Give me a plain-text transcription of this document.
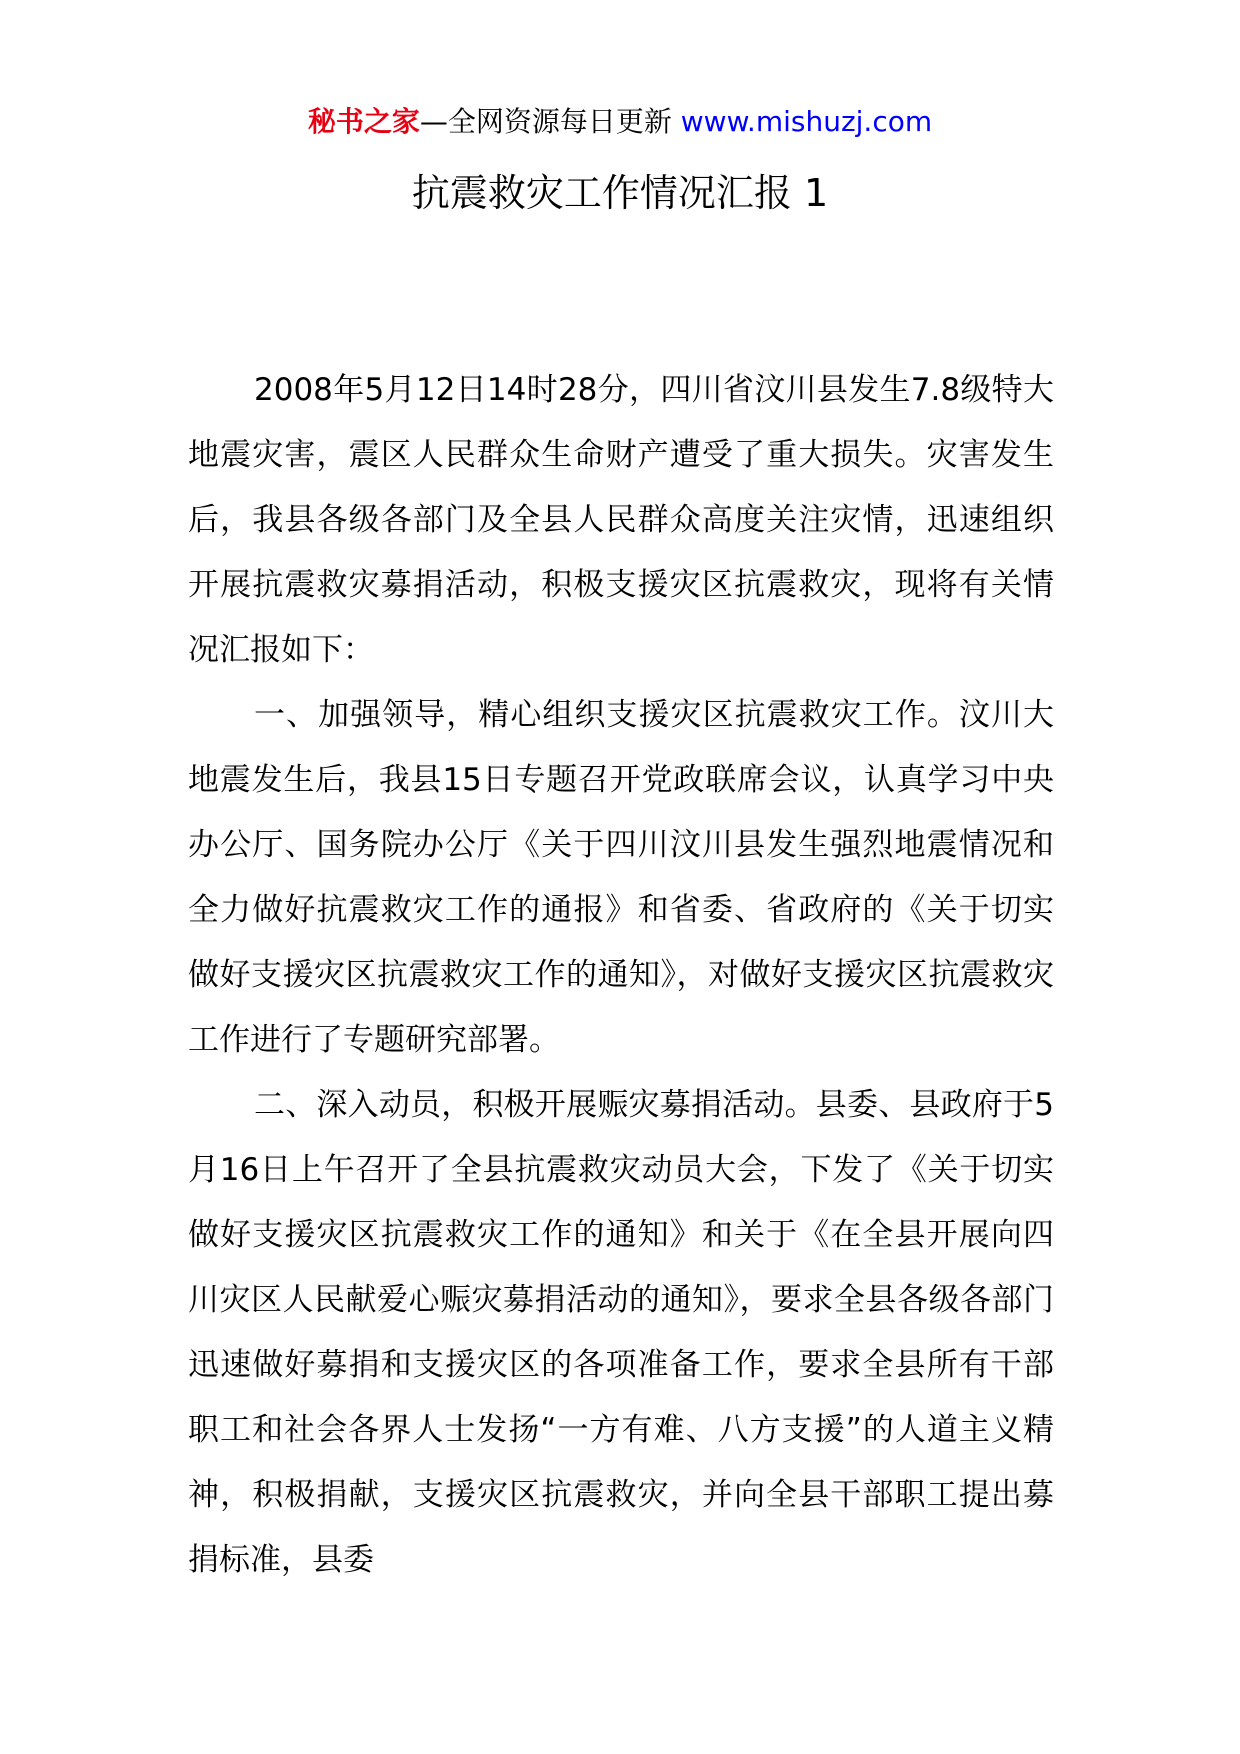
秘书之家—全网资源每日更新 www.mishuzj.com
抗震救灾工作情况汇报 1

2008年5月12日14时28分，四川省汶川县发生7.8级特大地震灾害，震区人民群众生命财产遭受了重大损失。灾害发生后，我县各级各部门及全县人民群众高度关注灾情，迅速组织开展抗震救灾募捐活动，积极支援灾区抗震救灾，现将有关情况汇报如下：

一、加强领导，精心组织支援灾区抗震救灾工作。汶川大地震发生后，我县15日专题召开党政联席会议，认真学习中央办公厅、国务院办公厅《关于四川汶川县发生强烈地震情况和全力做好抗震救灾工作的通报》和省委、省政府的《关于切实做好支援灾区抗震救灾工作的通知》，对做好支援灾区抗震救灾工作进行了专题研究部署。

二、深入动员，积极开展赈灾募捐活动。县委、县政府于5月16日上午召开了全县抗震救灾动员大会，下发了《关于切实做好支援灾区抗震救灾工作的通知》和关于《在全县开展向四川灾区人民献爱心赈灾募捐活动的通知》，要求全县各级各部门迅速做好募捐和支援灾区的各项准备工作，要求全县所有干部职工和社会各界人士发扬“一方有难、八方支援”的人道主义精神，积极捐献，支援灾区抗震救灾，并向全县干部职工提出募捐标准，县委
